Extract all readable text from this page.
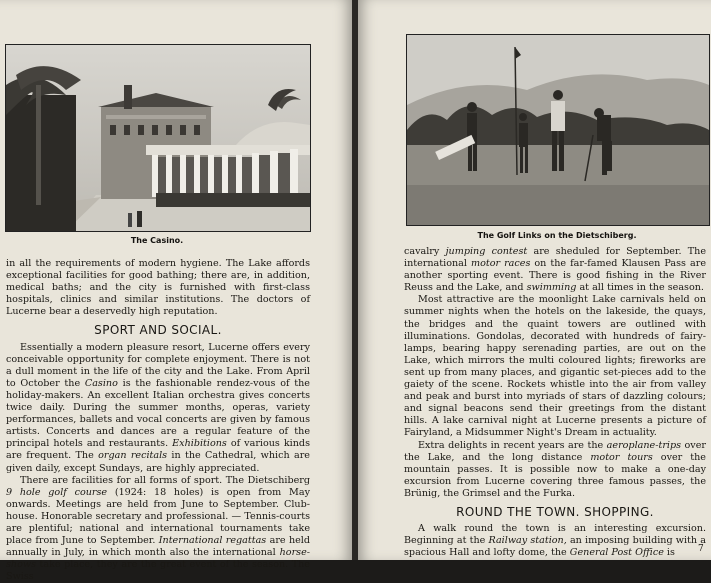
The Casino.

in all the requirements of modern hygiene. The Lake affords exceptional facilities for good bathing; there are, in addition, medical baths; and the city is furnished with first-class hospitals, clinics and similar institutions. The doctors of Lucerne bear a deservedly high reputation.

SPORT AND SOCIAL.

Essentially a modern pleasure resort, Lucerne offers every conceivable opportunity for complete enjoyment. There is not a dull moment in the life of the city and the Lake. From April to October the Casino is the fashionable rendez-vous of the holiday-makers. An excellent Italian orchestra gives concerts twice daily. During the summer months, operas, variety performances, ballets and vocal concerts are given by famous artists. Concerts and dances are a regular feature of the principal hotels and restaurants. Exhibitions of various kinds are frequent. The organ recitals in the Cathedral, which are given daily, except Sundays, are highly appreciated.

There are facilities for all forms of sport. The Dietschiberg 9 hole golf course (1924: 18 holes) is open from May onwards. Meetings are held from June to September. Club-house. Honorable secretary and professional. — Tennis-courts are plentiful; national and international tournaments take place from June to September. International regattas are held annually in July, in which month also the international horse-shows take place, they are the great event of the season. The Swiss

The Golf Links on the Dietschiberg.

cavalry jumping contest are sheduled for September. The international motor races on the far-famed Klausen Pass are another sporting event. There is good fishing in the River Reuss and the Lake, and swimming at all times in the season.

Most attractive are the moonlight Lake carnivals held on summer nights when the hotels on the lakeside, the quays, the bridges and the quaint towers are outlined with illuminations. Gondolas, decorated with hundreds of fairy-lamps, bearing happy serenading parties, are out on the Lake, which mirrors the multi coloured lights; fireworks are sent up from many places, and gigantic set-pieces add to the gaiety of the scene. Rockets whistle into the air from valley and peak and burst into myriads of stars of dazzling colours; and signal beacons send their greetings from the distant hills. A lake carnival night at Lucerne presents a picture of Fairyland, a Midsummer Night's Dream in actuality.

Extra delights in recent years are the aeroplane-trips over the Lake, and the long distance motor tours over the mountain passes. It is possible now to make a one-day excursion from Lucerne covering three famous passes, the Brünig, the Grimsel and the Furka.

ROUND THE TOWN. SHOPPING.

A walk round the town is an interesting excursion. Beginning at the Railway station, an imposing building with a spacious Hall and lofty dome, the General Post Office is	7
